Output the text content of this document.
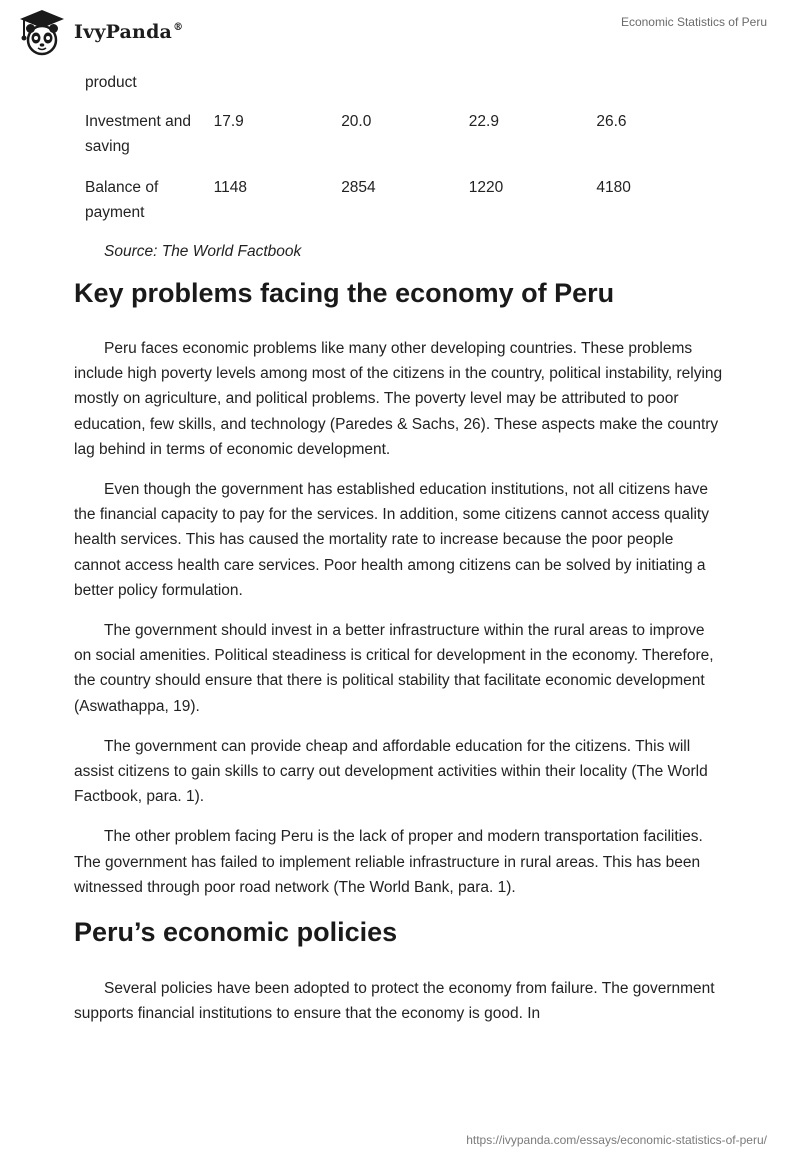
IvyPanda®	Economic Statistics of Peru
product				
Investment and saving	17.9	20.0	22.9	26.6
Balance of payment	1148	2854	1220	4180
Source: The World Factbook
Key problems facing the economy of Peru

Peru faces economic problems like many other developing countries. These problems include high poverty levels among most of the citizens in the country, political instability, relying mostly on agriculture, and political problems. The poverty level may be attributed to poor education, few skills, and technology (Paredes & Sachs, 26). These aspects make the country lag behind in terms of economic development.

Even though the government has established education institutions, not all citizens have the financial capacity to pay for the services. In addition, some citizens cannot access quality health services. This has caused the mortality rate to increase because the poor people cannot access health care services. Poor health among citizens can be solved by initiating a better policy formulation.

The government should invest in a better infrastructure within the rural areas to improve on social amenities. Political steadiness is critical for development in the economy. Therefore, the country should ensure that there is political stability that facilitate economic development (Aswathappa, 19).

The government can provide cheap and affordable education for the citizens. This will assist citizens to gain skills to carry out development activities within their locality (The World Factbook, para. 1).

The other problem facing Peru is the lack of proper and modern transportation facilities. The government has failed to implement reliable infrastructure in rural areas. This has been witnessed through poor road network (The World Bank, para. 1).

Peru’s economic policies

Several policies have been adopted to protect the economy from failure. The government supports financial institutions to ensure that the economy is good. In

https://ivypanda.com/essays/economic-statistics-of-peru/
